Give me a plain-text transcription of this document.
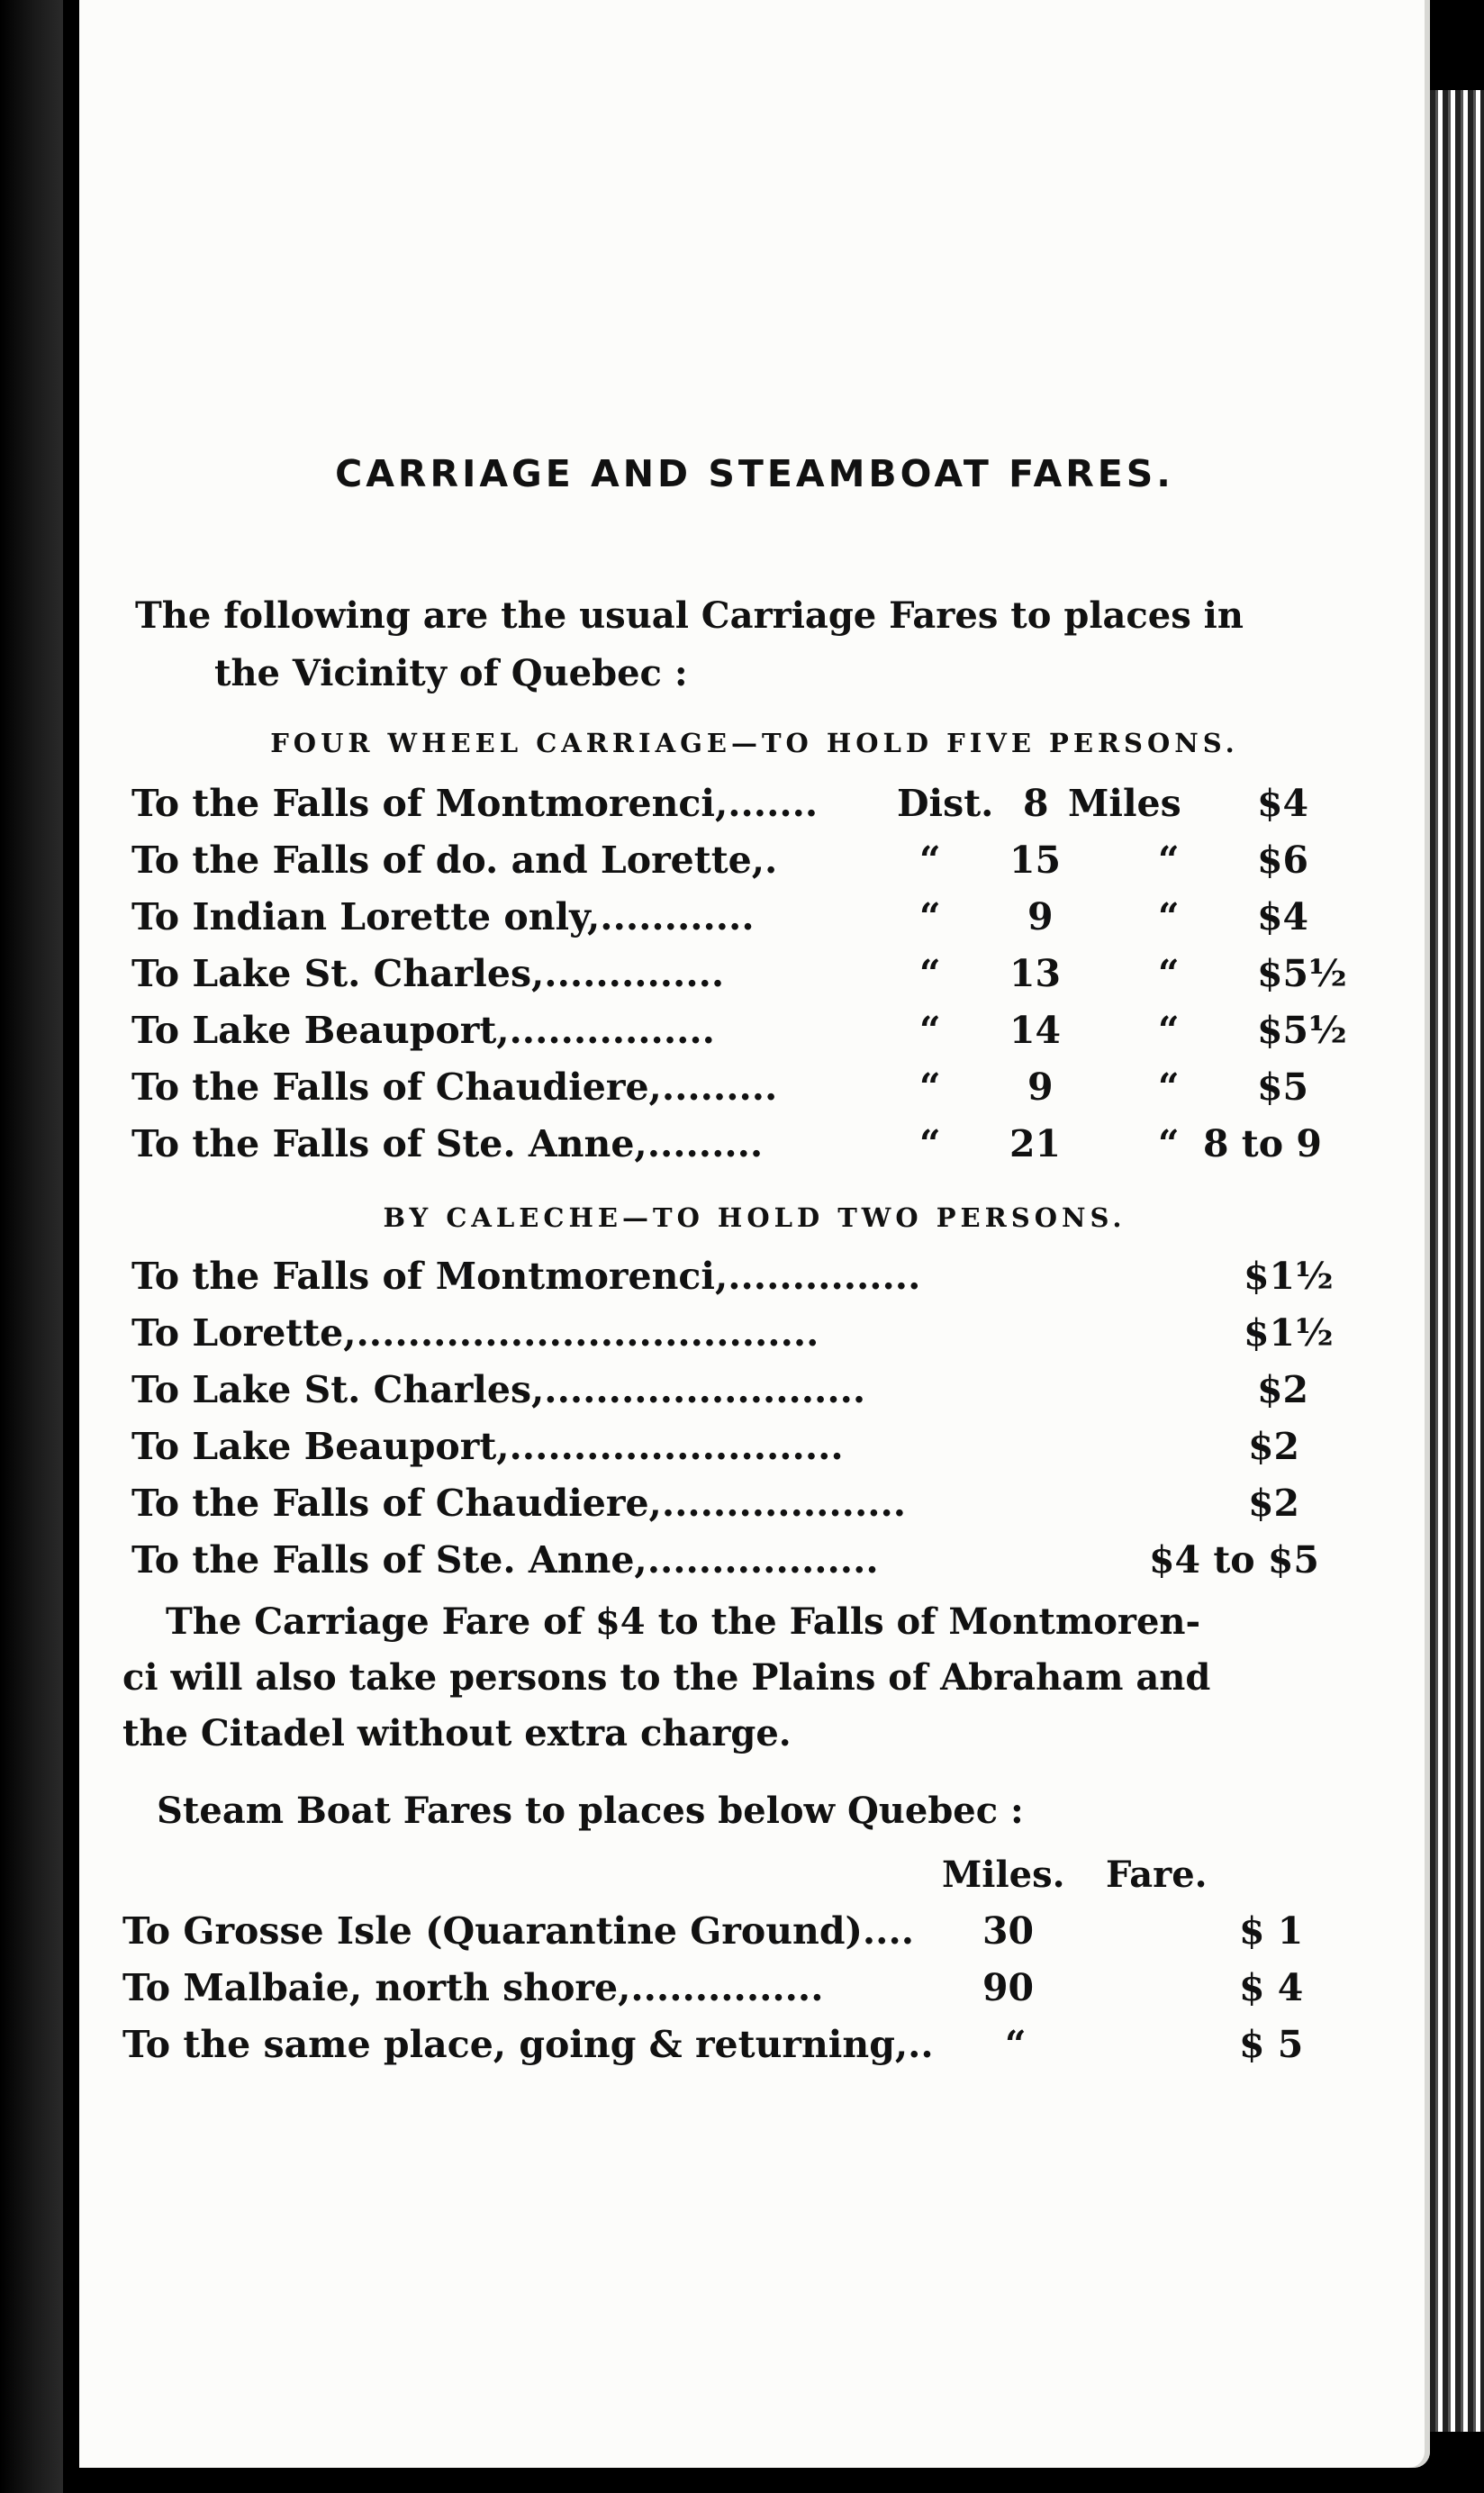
CARRIAGE AND STEAMBOAT FARES.
The following are the usual Carriage Fares to places in
the Vicinity of Quebec :
FOUR WHEEL CARRIAGE—TO HOLD FIVE PERSONS.
To the Falls of Montmorenci,....... Dist. 8 Miles $4
To the Falls of do. and Lorette,.	“ 15	“ $6
To Indian Lorette only,............	“ 9	“ $4
To Lake St. Charles,..............	“ 13	“ $5½
To Lake Beauport,................	“ 14	“ $5½
To the Falls of Chaudiere,.........	“ 9	“ $5
To the Falls of Ste. Anne,.........	“ 21	“ 8 to 9
BY CALECHE—TO HOLD TWO PERSONS.
To the Falls of Montmorenci,...............	$1½
To Lorette,....................................	$1½
To Lake St. Charles,.........................	$2
To Lake Beauport,..........................	$2
To the Falls of Chaudiere,...................	$2
To the Falls of Ste. Anne,..................	$4 to $5
The Carriage Fare of $4 to the Falls of Montmoren-
ci will also take persons to the Plains of Abraham and
the Citadel without extra charge.
Steam Boat Fares to places below Quebec :
Miles. Fare.
To Grosse Isle (Quarantine Ground).... 30	$ 1
To Malbaie, north shore,...............	90	$ 4
To the same place, going & returning,.. “	$ 5
